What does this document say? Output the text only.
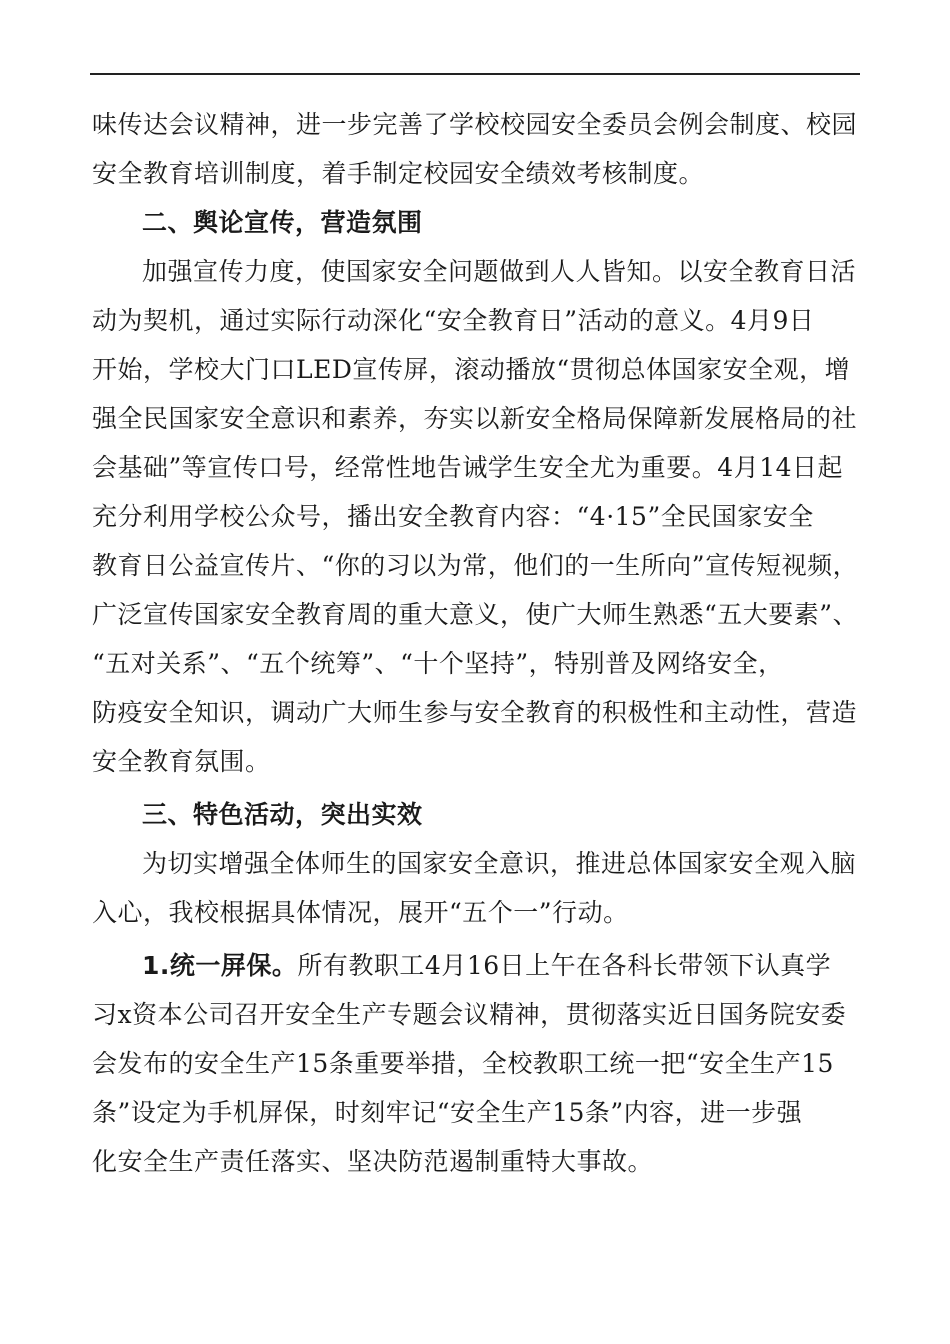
味传达会议精神，进一步完善了学校校园安全委员会例会制度、校园

安全教育培训制度，着手制定校园安全绩效考核制度。

二、舆论宣传，营造氛围

加强宣传力度，使国家安全问题做到人人皆知。以安全教育日活

动为契机，通过实际行动深化“安全教育日”活动的意义。4月9日

开始，学校大门口LED宣传屏，滚动播放“贯彻总体国家安全观，增

强全民国家安全意识和素养，夯实以新安全格局保障新发展格局的社

会基础”等宣传口号，经常性地告诫学生安全尤为重要。4月14日起

充分利用学校公众号，播出安全教育内容：“4·15”全民国家安全

教育日公益宣传片、“你的习以为常，他们的一生所向”宣传短视频，

广泛宣传国家安全教育周的重大意义，使广大师生熟悉“五大要素”、

“五对关系”、“五个统筹”、“十个坚持”，特别普及网络安全，

防疫安全知识，调动广大师生参与安全教育的积极性和主动性，营造

安全教育氛围。

三、特色活动，突出实效

为切实增强全体师生的国家安全意识，推进总体国家安全观入脑

入心，我校根据具体情况，展开“五个一”行动。

1.统一屏保。所有教职工4月16日上午在各科长带领下认真学

习x资本公司召开安全生产专题会议精神，贯彻落实近日国务院安委

会发布的安全生产15条重要举措，全校教职工统一把“安全生产15

条”设定为手机屏保，时刻牢记“安全生产15条”内容，进一步强

化安全生产责任落实、坚决防范遏制重特大事故。
